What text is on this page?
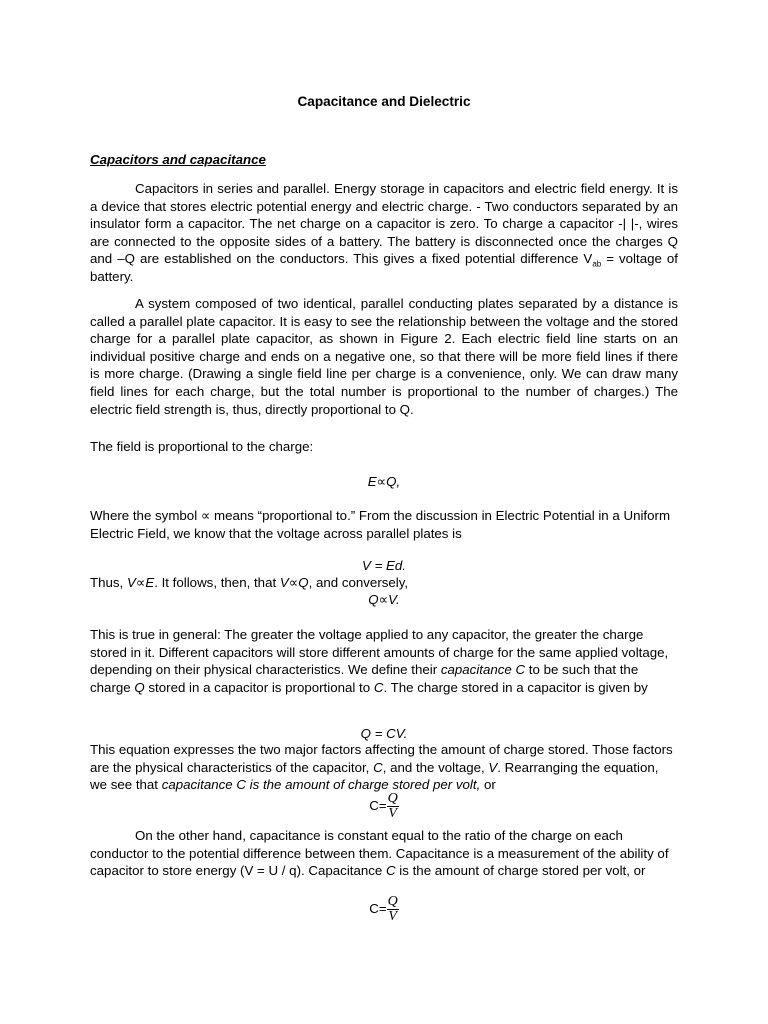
Capacitance and Dielectric

Capacitors and capacitance

Capacitors in series and parallel. Energy storage in capacitors and electric field energy. It is a device that stores electric potential energy and electric charge. - Two conductors separated by an insulator form a capacitor. The net charge on a capacitor is zero. To charge a capacitor -| |-, wires are connected to the opposite sides of a battery. The battery is disconnected once the charges Q and –Q are established on the conductors. This gives a fixed potential difference $V_{ab}$ = voltage of battery.

A system composed of two identical, parallel conducting plates separated by a distance is called a parallel plate capacitor. It is easy to see the relationship between the voltage and the stored charge for a parallel plate capacitor, as shown in Figure 2. Each electric field line starts on an individual positive charge and ends on a negative one, so that there will be more field lines if there is more charge. (Drawing a single field line per charge is a convenience, only. We can draw many field lines for each charge, but the total number is proportional to the number of charges.) The electric field strength is, thus, directly proportional to Q.

The field is proportional to the charge:

E∝Q,

Where the symbol ∝ means “proportional to.” From the discussion in Electric Potential in a Uniform Electric Field, we know that the voltage across parallel plates is

V = Ed.

Thus, V∝E. It follows, then, that V∝Q, and conversely,

Q∝V.

This is true in general: The greater the voltage applied to any capacitor, the greater the charge stored in it. Different capacitors will store different amounts of charge for the same applied voltage, depending on their physical characteristics. We define their capacitance C to be such that the charge Q stored in a capacitor is proportional to C. The charge stored in a capacitor is given by

Q = CV.

This equation expresses the two major factors affecting the amount of charge stored. Those factors are the physical characteristics of the capacitor, C, and the voltage, V. Rearranging the equation, we see that capacitance C is the amount of charge stored per volt, or

$C= \frac{Q}{V}$

On the other hand, capacitance is constant equal to the ratio of the charge on each conductor to the potential difference between them. Capacitance is a measurement of the ability of capacitor to store energy (V = U / q). Capacitance C is the amount of charge stored per volt, or

$C= \frac{Q}{V}$
